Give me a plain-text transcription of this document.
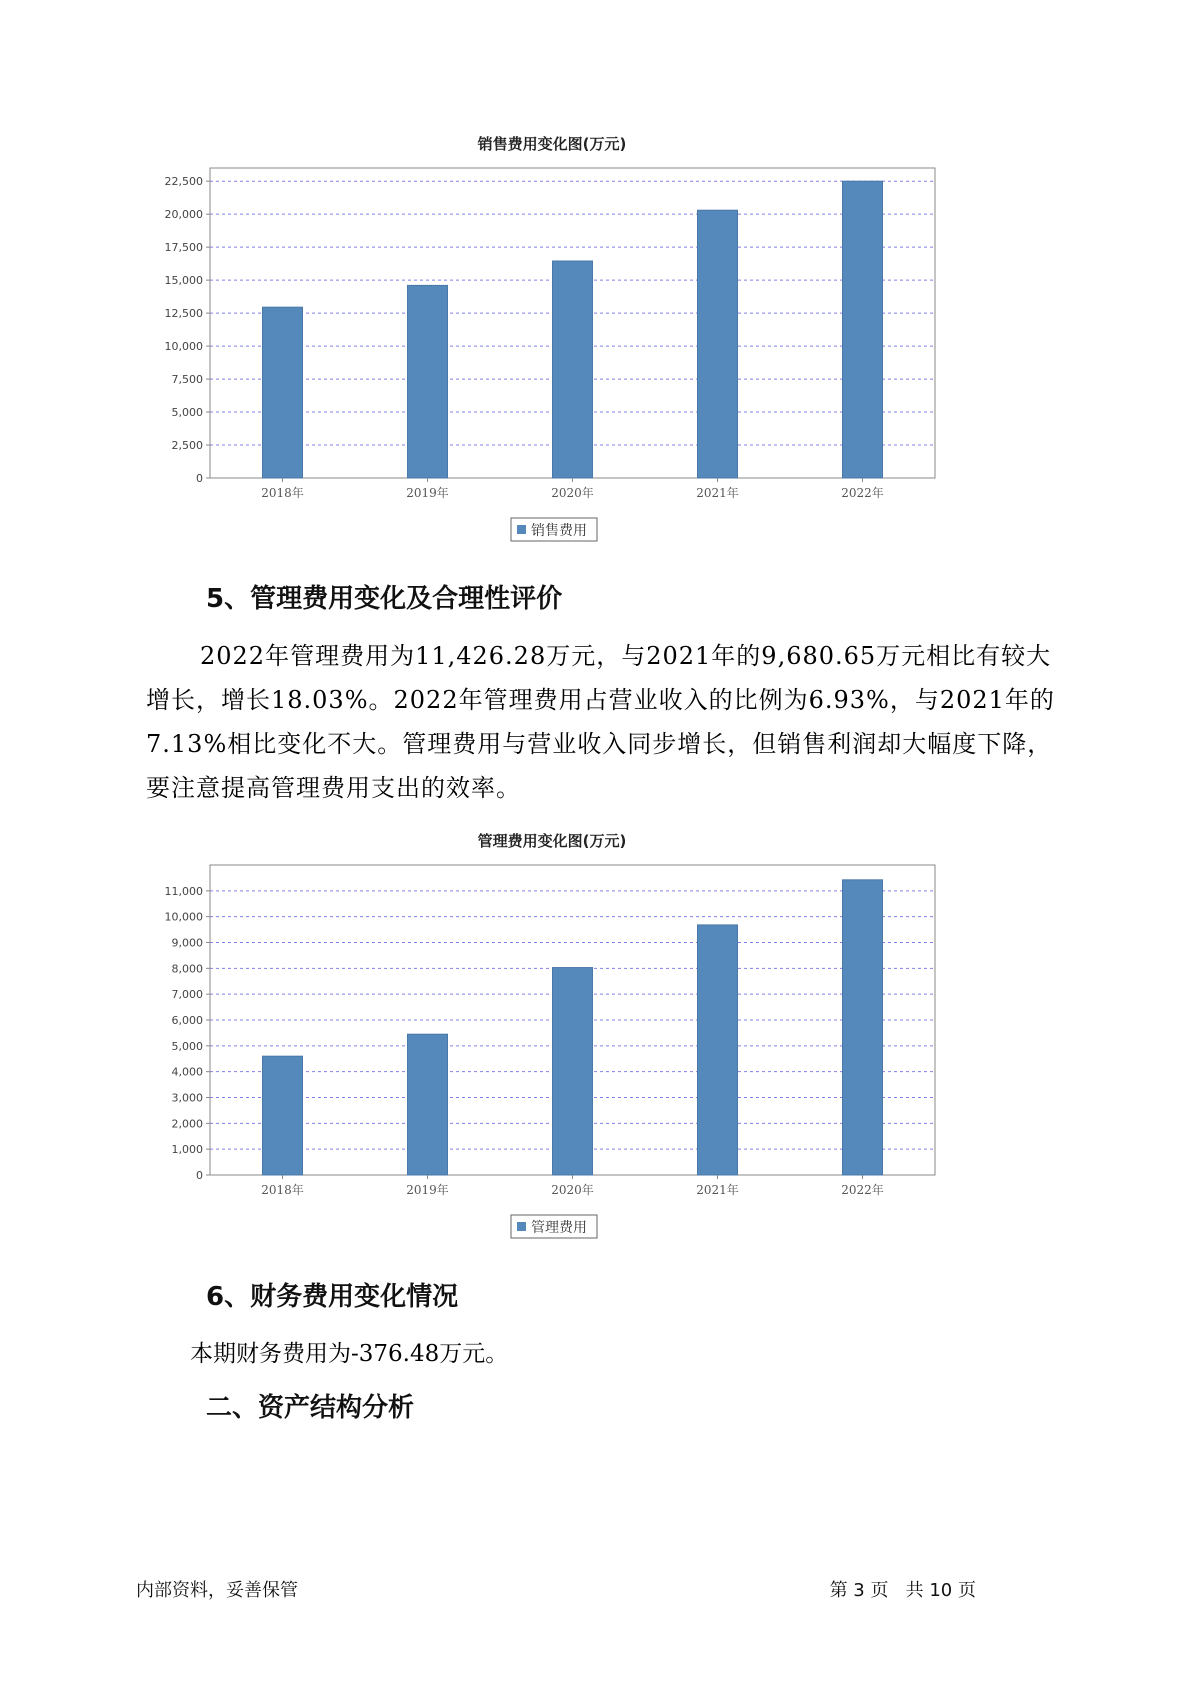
销售费用变化图(万元)
0
2,500
5,000
7,500
10,000
12,500
15,000
17,500
20,000
22,500
2018年	2019年	2020年	2021年	2022年
销售费用
5、管理费用变化及合理性评价

2022年管理费用为11,426.28万元，与2021年的9,680.65万元相比有较大增长，增长18.03%。2022年管理费用占营业收入的比例为6.93%，与2021年的7.13%相比变化不大。管理费用与营业收入同步增长，但销售利润却大幅度下降，要注意提高管理费用支出的效率。

管理费用变化图(万元)
0
1,000
2,000
3,000
4,000
5,000
6,000
7,000
8,000
9,000
10,000
11,000
2018年	2019年	2020年	2021年	2022年
管理费用
6、财务费用变化情况
本期财务费用为-376.48万元。
二、资产结构分析
内部资料，妥善保管	第 3 页   共 10 页
